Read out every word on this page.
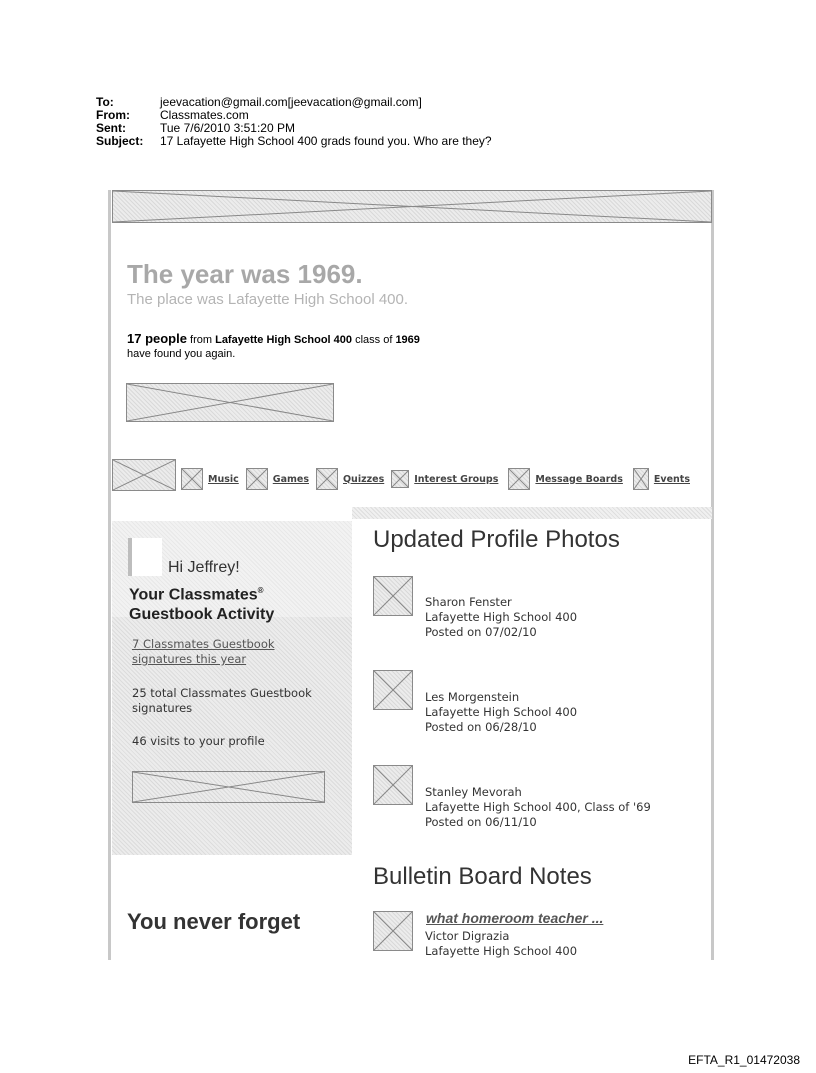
To:	jeevacation@gmail.com[jeevacation@gmail.com]
From:	Classmates.com
Sent:	Tue 7/6/2010 3:51:20 PM
Subject:	17 Lafayette High School 400 grads found you. Who are they?
The year was 1969.
The place was Lafayette High School 400.
17 people from Lafayette High School 400 class of 1969
have found you again.
Music	Games	Quizzes	Interest Groups	Message Boards	Events
Hi Jeffrey!
Your Classmates®
Guestbook Activity
7 Classmates Guestbook signatures this year
25 total Classmates Guestbook signatures
46 visits to your profile
You never forget
Updated Profile Photos
Sharon Fenster
Lafayette High School 400
Posted on 07/02/10
Les Morgenstein
Lafayette High School 400
Posted on 06/28/10
Stanley Mevorah
Lafayette High School 400, Class of '69
Posted on 06/11/10
Bulletin Board Notes
what homeroom teacher ...
Victor Digrazia
Lafayette High School 400
EFTA_R1_01472038
